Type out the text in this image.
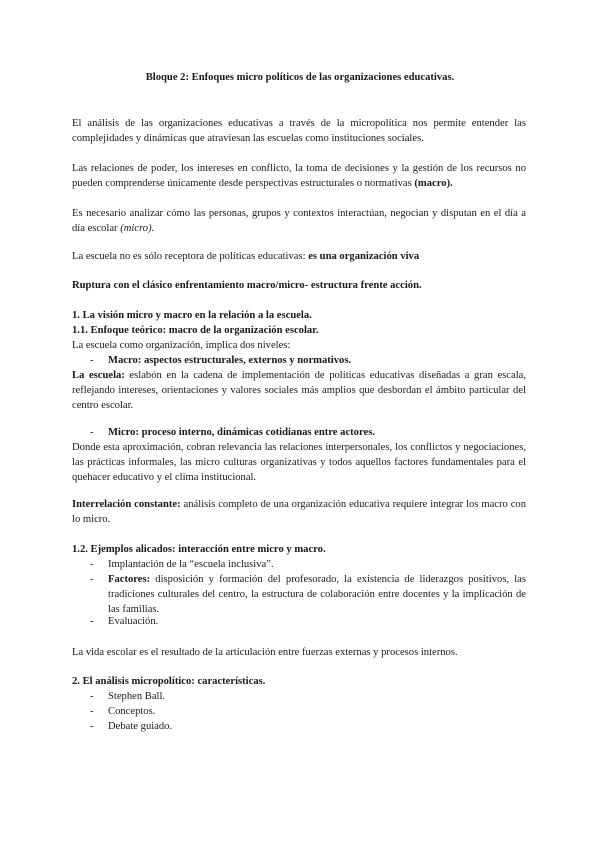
Bloque 2: Enfoques micro políticos de las organizaciones educativas.

El análisis de las organizaciones educativas a través de la micropolítica nos permite entender las complejidades y dinámicas que atraviesan las escuelas como instituciones sociales.

Las relaciones de poder, los intereses en conflicto, la toma de decisiones y la gestión de los recursos no pueden comprenderse únicamente desde perspectivas estructurales o normativas (macro).

Es necesario analizar cómo las personas, grupos y contextos interactúan, negocian y disputan en el día a día escolar (micro).

La escuela no es sólo receptora de políticas educativas: es una organización viva

Ruptura con el clásico enfrentamiento macro/micro- estructura frente acción.

1. La visión micro y macro en la relación a la escuela.

1.1. Enfoque teórico: macro de la organización escolar.

La escuela como organización, implica dos niveles:

-	Macro: aspectos estructurales, externos y normativos.

La escuela: eslabón en la cadena de implementación de políticas educativas diseñadas a gran escala, reflejando intereses, orientaciones y valores sociales más amplios que desbordan el ámbito particular del centro escolar.

-	Micro: proceso interno, dinámicas cotidianas entre actores.

Donde esta aproximación, cobran relevancia las relaciones interpersonales, los conflictos y negociaciones, las prácticas informales, las micro culturas organizativas y todos aquellos factores fundamentales para el quehacer educativo y el clima institucional.

Interrelación constante: análisis completo de una organización educativa requiere integrar los macro con lo micro.

1.2. Ejemplos alicados: interacción entre micro y macro.

-	Implantación de la “escuela inclusiva”.
-	Factores: disposición y formación del profesorado, la existencia de liderazgos positivos, las tradiciones culturales del centro, la estructura de colaboración entre docentes y la implicación de las familias.
-	Evaluación.

La vida escolar es el resultado de la articulación entre fuerzas externas y procesos internos.

2. El análisis micropolítico: características.

-	Stephen Ball.
-	Conceptos.
-	Debate guiado.
